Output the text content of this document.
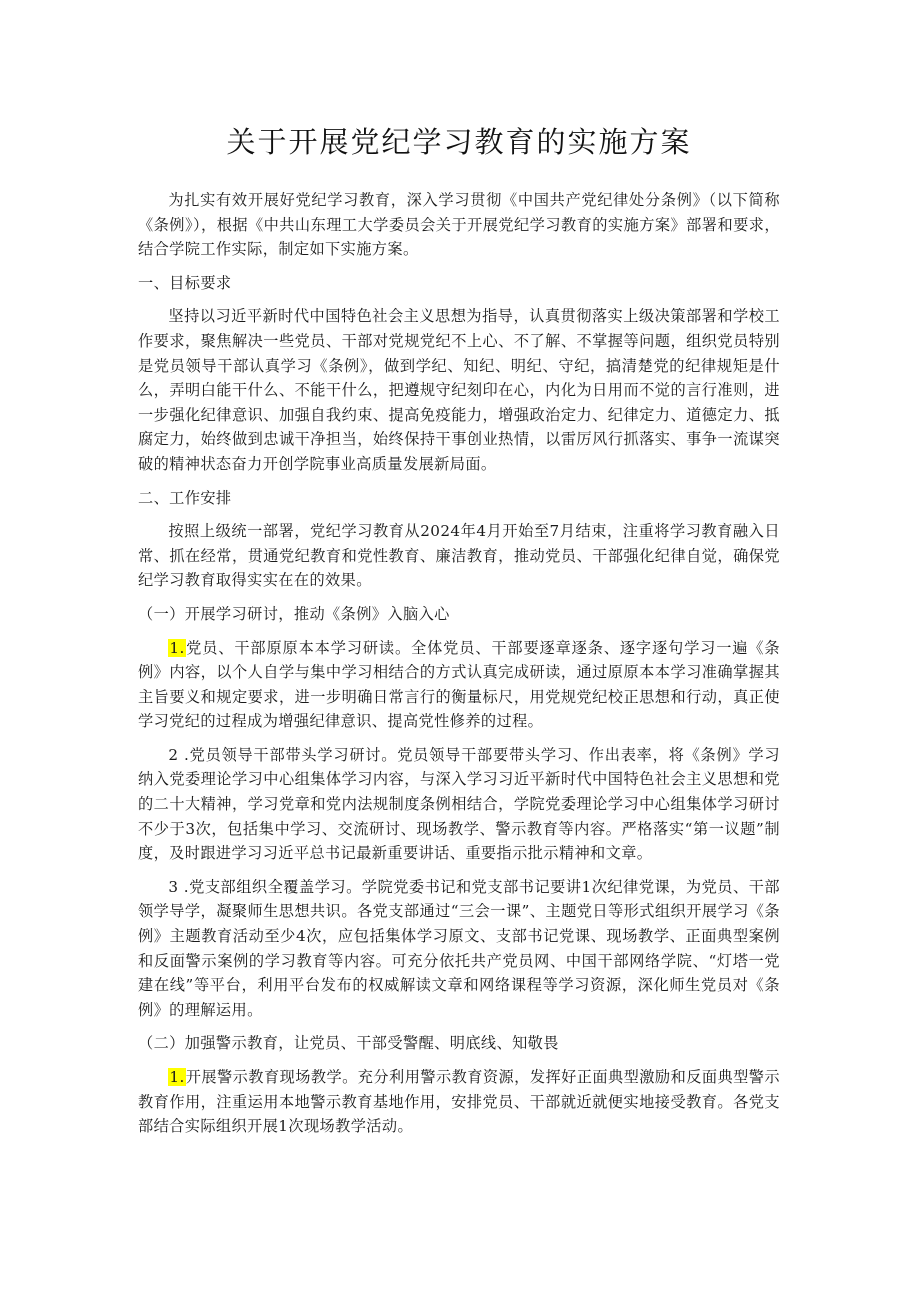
关于开展党纪学习教育的实施方案

为扎实有效开展好党纪学习教育，深入学习贯彻《中国共产党纪律处分条例》（以下简称《条例》），根据《中共山东理工大学委员会关于开展党纪学习教育的实施方案》部署和要求，结合学院工作实际，制定如下实施方案。

一、目标要求

坚持以习近平新时代中国特色社会主义思想为指导，认真贯彻落实上级决策部署和学校工作要求，聚焦解决一些党员、干部对党规党纪不上心、不了解、不掌握等问题，组织党员特别是党员领导干部认真学习《条例》，做到学纪、知纪、明纪、守纪，搞清楚党的纪律规矩是什么，弄明白能干什么、不能干什么，把遵规守纪刻印在心，内化为日用而不觉的言行准则，进一步强化纪律意识、加强自我约束、提高免疫能力，增强政治定力、纪律定力、道德定力、抵腐定力，始终做到忠诚干净担当，始终保持干事创业热情，以雷厉风行抓落实、事争一流谋突破的精神状态奋力开创学院事业高质量发展新局面。

二、工作安排

按照上级统一部署，党纪学习教育从2024年4月开始至7月结束，注重将学习教育融入日常、抓在经常，贯通党纪教育和党性教育、廉洁教育，推动党员、干部强化纪律自觉，确保党纪学习教育取得实实在在的效果。

（一）开展学习研讨，推动《条例》入脑入心

1.党员、干部原原本本学习研读。全体党员、干部要逐章逐条、逐字逐句学习一遍《条例》内容，以个人自学与集中学习相结合的方式认真完成研读，通过原原本本学习准确掌握其主旨要义和规定要求，进一步明确日常言行的衡量标尺，用党规党纪校正思想和行动，真正使学习党纪的过程成为增强纪律意识、提高党性修养的过程。

2 .党员领导干部带头学习研讨。党员领导干部要带头学习、作出表率，将《条例》学习纳入党委理论学习中心组集体学习内容，与深入学习习近平新时代中国特色社会主义思想和党的二十大精神，学习党章和党内法规制度条例相结合，学院党委理论学习中心组集体学习研讨不少于3次，包括集中学习、交流研讨、现场教学、警示教育等内容。严格落实“第一议题”制度，及时跟进学习习近平总书记最新重要讲话、重要指示批示精神和文章。

3 .党支部组织全覆盖学习。学院党委书记和党支部书记要讲1次纪律党课，为党员、干部领学导学，凝聚师生思想共识。各党支部通过“三会一课”、主题党日等形式组织开展学习《条例》主题教育活动至少4次，应包括集体学习原文、支部书记党课、现场教学、正面典型案例和反面警示案例的学习教育等内容。可充分依托共产党员网、中国干部网络学院、“灯塔一党建在线”等平台，利用平台发布的权威解读文章和网络课程等学习资源，深化师生党员对《条例》的理解运用。

（二）加强警示教育，让党员、干部受警醒、明底线、知敬畏

1.开展警示教育现场教学。充分利用警示教育资源，发挥好正面典型激励和反面典型警示教育作用，注重运用本地警示教育基地作用，安排党员、干部就近就便实地接受教育。各党支部结合实际组织开展1次现场教学活动。
